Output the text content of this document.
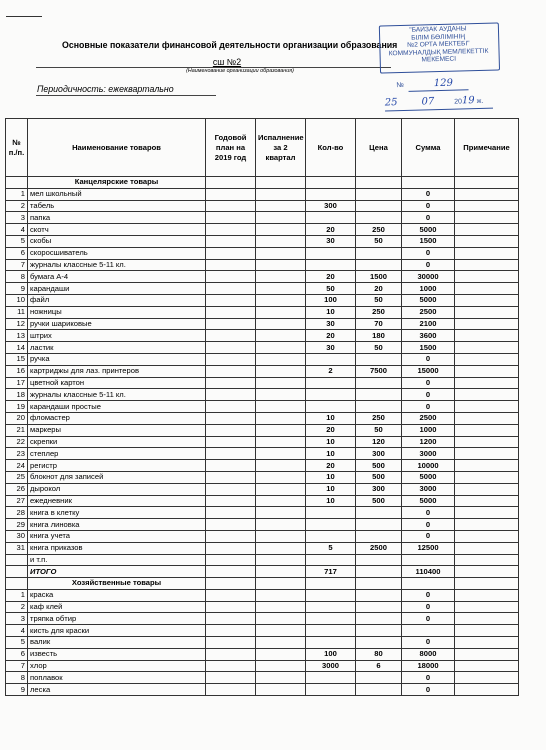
Основные показатели финансовой деятельности организации образования
сш №2
(Наименование организации образования)
Периодичность: ежеквартально
"БАЙЗАК АУДАНЫ
БІЛІМ БӨЛІМІНІҢ
№2 ОРТА МЕКТЕБІ"
КОММУНАЛДЫҚ МЕМЛЕКЕТТІК
МЕКЕМЕСІ
№	129
25 07	2019 ж.
№ п./п.	Наименование товаров	Годовой план на 2019 год	Испалнение за 2 квартал	Кол-во	Цена	Сумма	Примечание
	Канцелярские товары						
1	мел школьный					0	
2	табель			300		0	
3	папка					0	
4	скотч			20	250	5000	
5	скобы			30	50	1500	
6	скоросшиватель					0	
7	журналы классные 5-11 кл.					0	
8	бумага А-4			20	1500	30000	
9	карандаши			50	20	1000	
10	файл			100	50	5000	
11	ножницы			10	250	2500	
12	ручки шариковые			30	70	2100	
13	штрих			20	180	3600	
14	ластик			30	50	1500	
15	ручка					0	
16	картриджы для лаз. принтеров			2	7500	15000	
17	цветной картон					0	
18	журналы классные 5-11 кл.					0	
19	карандаши простые					0	
20	фломастер			10	250	2500	
21	маркеры			20	50	1000	
22	скрепки			10	120	1200	
23	степлер			10	300	3000	
24	регистр			20	500	10000	
25	блокнот для записей			10	500	5000	
26	дырокол			10	300	3000	
27	ежедневник			10	500	5000	
28	книга в клетку					0	
29	книга линовка					0	
30	книга учета					0	
31	книга приказов			5	2500	12500	
	и т.п.						
	ИТОГО			717		110400	
	Хозяйственные товары						
1	краска					0	
2	каф клей					0	
3	тряпка обтир					0	
4	кисть для краски						
5	валик					0	
6	известь			100	80	8000	
7	хлор			3000	6	18000	
8	поплавок					0	
9	леска					0	
